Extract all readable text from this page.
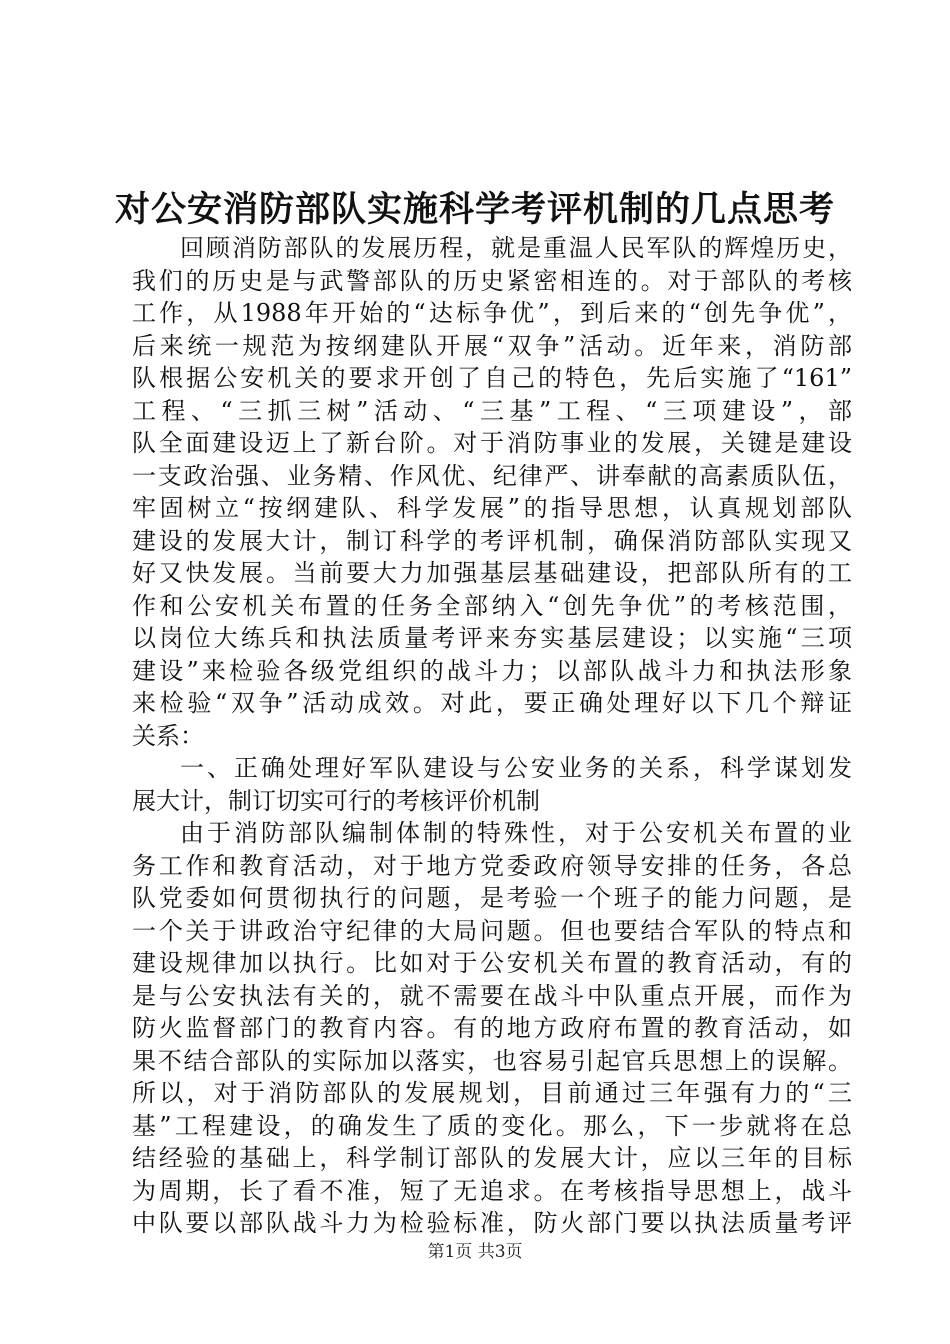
对公安消防部队实施科学考评机制的几点思考
回顾消防部队的发展历程，就是重温人民军队的辉煌历史，
我们的历史是与武警部队的历史紧密相连的。对于部队的考核
工作，从1988年开始的“达标争优”，到后来的“创先争优”，
后来统一规范为按纲建队开展“双争”活动。近年来，消防部
队根据公安机关的要求开创了自己的特色，先后实施了“161”
工程、“三抓三树”活动、“三基”工程、“三项建设”，部
队全面建设迈上了新台阶。对于消防事业的发展，关键是建设
一支政治强、业务精、作风优、纪律严、讲奉献的高素质队伍，
牢固树立“按纲建队、科学发展”的指导思想，认真规划部队
建设的发展大计，制订科学的考评机制，确保消防部队实现又
好又快发展。当前要大力加强基层基础建设，把部队所有的工
作和公安机关布置的任务全部纳入“创先争优”的考核范围，
以岗位大练兵和执法质量考评来夯实基层建设；以实施“三项
建设”来检验各级党组织的战斗力；以部队战斗力和执法形象
来检验“双争”活动成效。对此，要正确处理好以下几个辩证
关系：
一、正确处理好军队建设与公安业务的关系，科学谋划发
展大计，制订切实可行的考核评价机制
由于消防部队编制体制的特殊性，对于公安机关布置的业
务工作和教育活动，对于地方党委政府领导安排的任务，各总
队党委如何贯彻执行的问题，是考验一个班子的能力问题，是
一个关于讲政治守纪律的大局问题。但也要结合军队的特点和
建设规律加以执行。比如对于公安机关布置的教育活动，有的
是与公安执法有关的，就不需要在战斗中队重点开展，而作为
防火监督部门的教育内容。有的地方政府布置的教育活动，如
果不结合部队的实际加以落实，也容易引起官兵思想上的误解。
所以，对于消防部队的发展规划，目前通过三年强有力的“三
基”工程建设，的确发生了质的变化。那么，下一步就将在总
结经验的基础上，科学制订部队的发展大计，应以三年的目标
为周期，长了看不准，短了无追求。在考核指导思想上，战斗
中队要以部队战斗力为检验标准，防火部门要以执法质量考评
第1页 共3页
